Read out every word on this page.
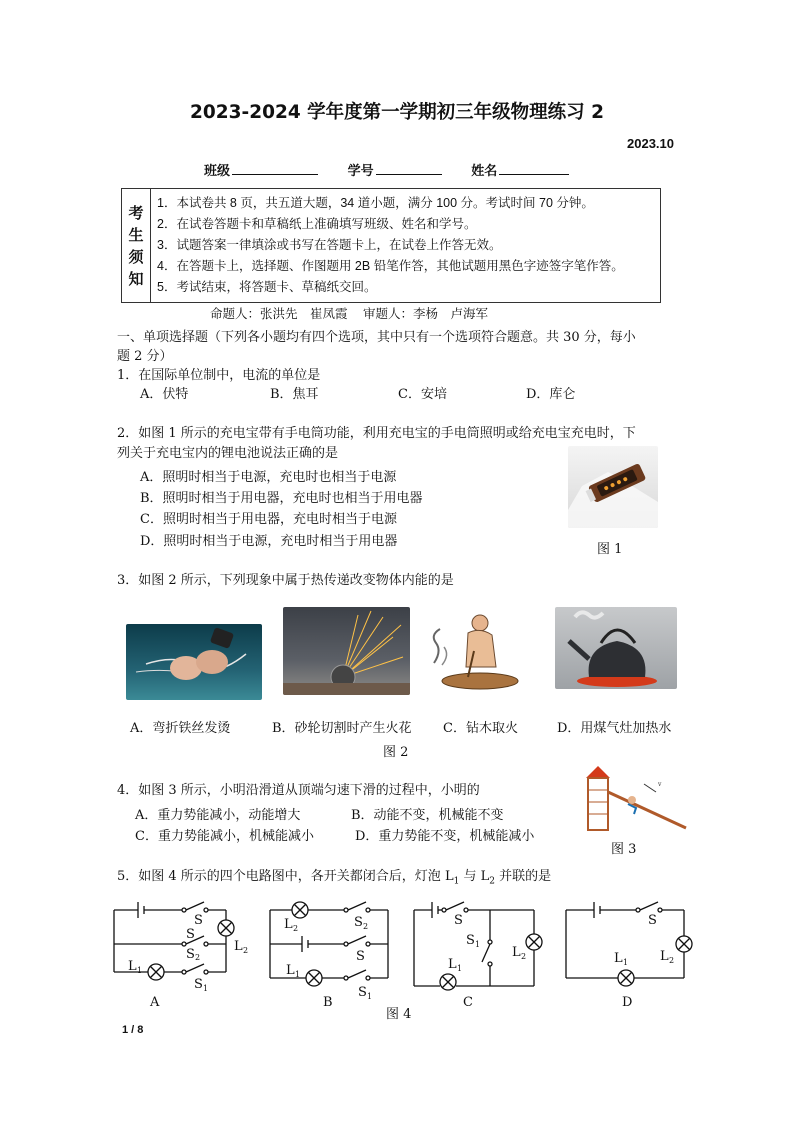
2023-2024 学年度第一学期初三年级物理练习 2
2023.10
班级	学号	姓名
考
生
须
知

1．本试卷共 8 页，共五道大题，34 道小题，满分 100 分。考试时间 70 分钟。
2．在试卷答题卡和草稿纸上准确填写班级、姓名和学号。
3．试题答案一律填涂或书写在答题卡上，在试卷上作答无效。
4．在答题卡上，选择题、作图题用 2B 铅笔作答，其他试题用黑色字迹签字笔作答。
5．考试结束，将答题卡、草稿纸交回。
命题人：张洪先　崔凤霞 审题人：李杨　卢海军
一、单项选择题（下列各小题均有四个选项，其中只有一个选项符合题意。共 30 分，每小
题 2 分）
1．在国际单位制中，电流的单位是
A．伏特	B．焦耳	C．安培	D．库仑
2．如图 1 所示的充电宝带有手电筒功能，利用充电宝的手电筒照明或给充电宝充电时，下
列关于充电宝内的锂电池说法正确的是
A．照明时相当于电源，充电时也相当于电源
B．照明时相当于用电器，充电时也相当于用电器
C．照明时相当于用电器，充电时相当于电源
D．照明时相当于电源，充电时相当于用电器
图 1
3．如图 2 所示，下列现象中属于热传递改变物体内能的是
A．弯折铁丝发烫	B．砂轮切割时产生火花 C．钻木取火	D．用煤气灶加热水
图 2
4．如图 3 所示，小明沿滑道从顶端匀速下滑的过程中，小明的
A．重力势能减小，动能增大	B．动能不变，机械能不变
C．重力势能减小，机械能减小	D．重力势能不变，机械能减小
v
图 3
5．如图 4 所示的四个电路图中，各开关都闭合后，灯泡 $L_1$ 与 $L_2$ 并联的是
S
L 2
S
2
S
L 1
S 1
L 2	S 2
S
L 1
S 1
S
S 1
L 2
L 1
S
L 1 L 2
A	B	C	D
图 4
1 / 8
